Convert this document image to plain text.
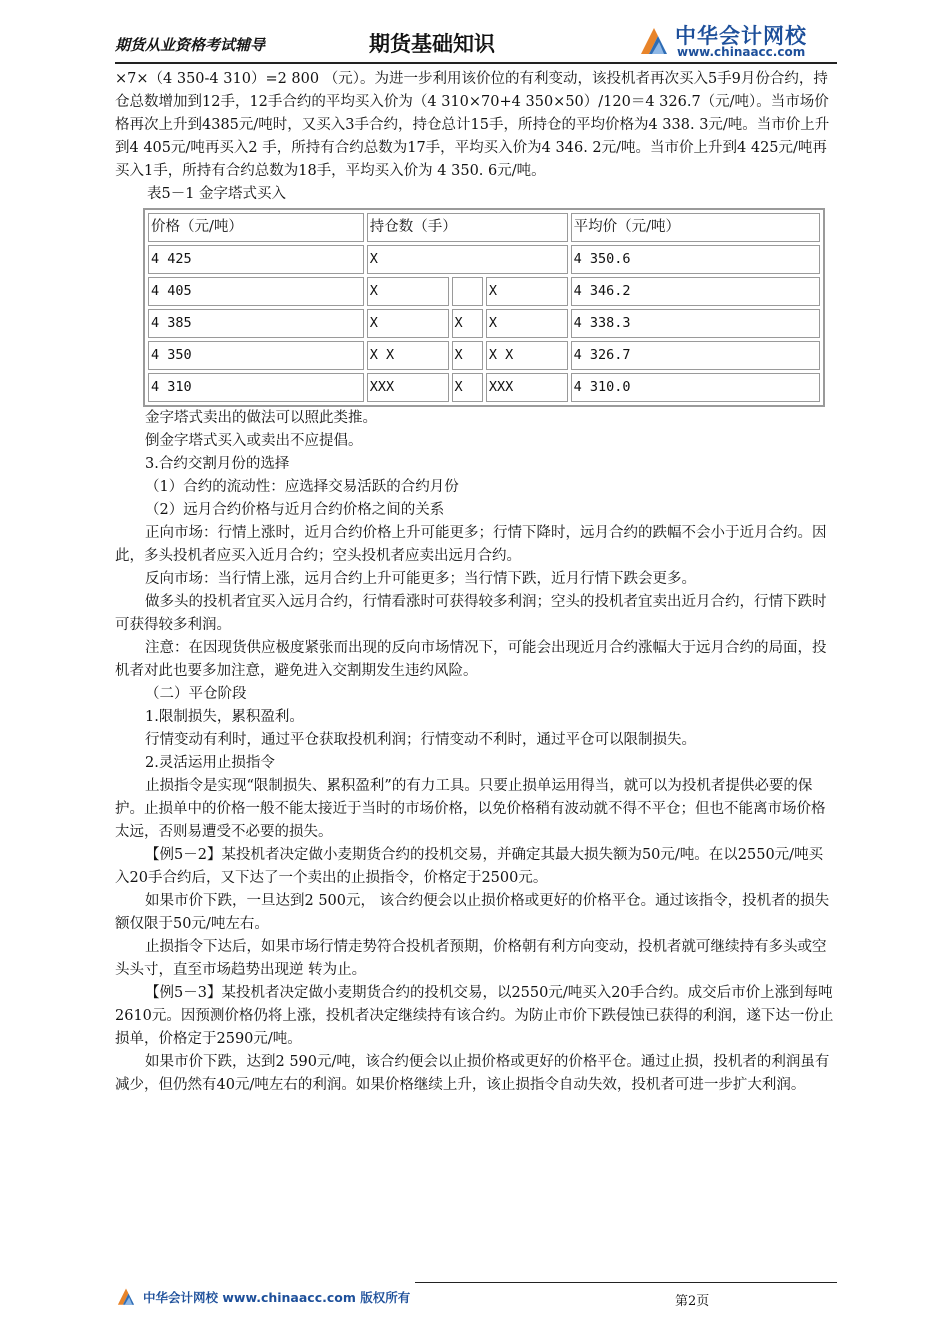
期货从业资格考试辅导	期货基础知识	中华会计网校
www.chinaacc.com

×7×（4 350-4 310）=2 800 （元）。为进一步利用该价位的有利变动，该投机者再次买入5手9月份合约，持仓总数增加到12手，12手合约的平均买入价为（4 310×70+4 350×50）/120＝4 326.7（元/吨）。当市场价格再次上升到4385元/吨时，又买入3手合约，持仓总计15手，所持仓的平均价格为4 338. 3元/吨。当市价上升到4 405元/吨再买入2 手，所持有合约总数为17手，平均买入价为4 346. 2元/吨。当市价上升到4 425元/吨再买入1手，所持有合约总数为18手，平均买入价为 4 350. 6元/吨。

表5－1 金字塔式买入

价格（元/吨）	持仓数（手）			平均价（元/吨）
4 425	X			4 350.6
4 405	X		X	4 346.2
4 385	X	X	X	4 338.3
4 350	X X	X	X X	4 326.7
4 310	XXX	X	XXX	4 310.0

金字塔式卖出的做法可以照此类推。

倒金字塔式买入或卖出不应提倡。

3.合约交割月份的选择

（1）合约的流动性：应选择交易活跃的合约月份

（2）远月合约价格与近月合约价格之间的关系

正向市场：行情上涨时，近月合约价格上升可能更多；行情下降时，远月合约的跌幅不会小于近月合约。因此，多头投机者应买入近月合约；空头投机者应卖出远月合约。

反向市场：当行情上涨，远月合约上升可能更多；当行情下跌，近月行情下跌会更多。

做多头的投机者宜买入远月合约，行情看涨时可获得较多利润；空头的投机者宜卖出近月合约，行情下跌时可获得较多利润。

注意：在因现货供应极度紧张而出现的反向市场情况下，可能会出现近月合约涨幅大于远月合约的局面，投机者对此也要多加注意，避免进入交割期发生违约风险。

（二）平仓阶段

1.限制损失，累积盈利。

行情变动有利时，通过平仓获取投机利润；行情变动不利时，通过平仓可以限制损失。

2.灵活运用止损指令

止损指令是实现“限制损失、累积盈利”的有力工具。只要止损单运用得当，就可以为投机者提供必要的保护。止损单中的价格一般不能太接近于当时的市场价格，以免价格稍有波动就不得不平仓；但也不能离市场价格太远，否则易遭受不必要的损失。

【例5－2】某投机者决定做小麦期货合约的投机交易，并确定其最大损失额为50元/吨。在以2550元/吨买入20手合约后，又下达了一个卖出的止损指令，价格定于2500元。

如果市价下跌，一旦达到2 500元， 该合约便会以止损价格或更好的价格平仓。通过该指令，投机者的损失额仅限于50元/吨左右。

止损指令下达后，如果市场行情走势符合投机者预期，价格朝有利方向变动，投机者就可继续持有多头或空头头寸，直至市场趋势出现逆 转为止。

【例5－3】某投机者决定做小麦期货合约的投机交易，以2550元/吨买入20手合约。成交后市价上涨到每吨2610元。因预测价格仍将上涨，投机者决定继续持有该合约。为防止市价下跌侵蚀已获得的利润，遂下达一份止损单，价格定于2590元/吨。

如果市价下跌，达到2 590元/吨，该合约便会以止损价格或更好的价格平仓。通过止损，投机者的利润虽有减少，但仍然有40元/吨左右的利润。如果价格继续上升，该止损指令自动失效，投机者可进一步扩大利润。

中华会计网校 www.chinaacc.com 版权所有	第2页
